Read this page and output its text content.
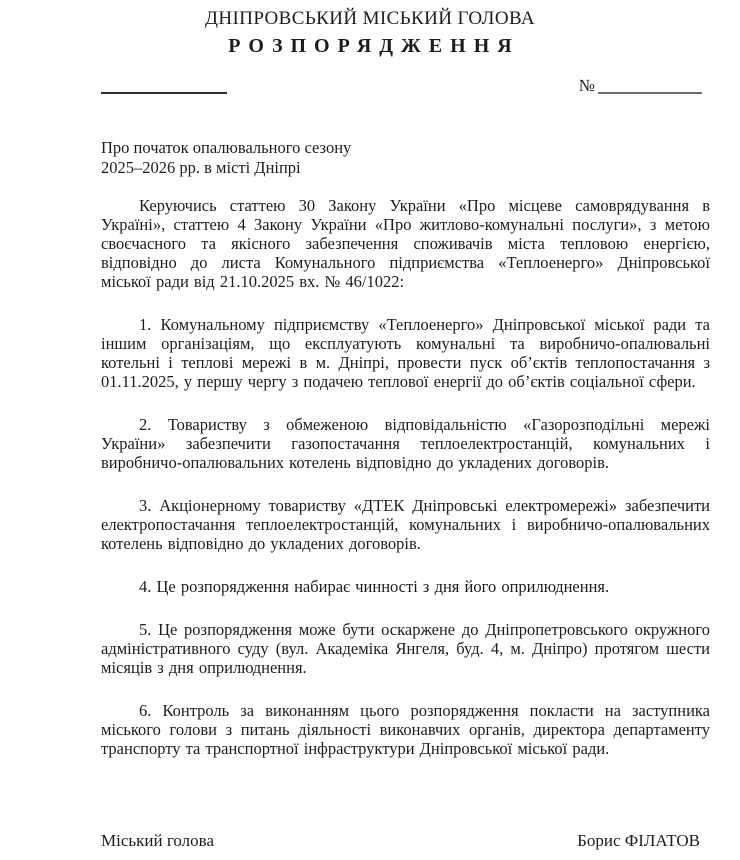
ДНІПРОВСЬКИЙ МІСЬКИЙ ГОЛОВА
РОЗПОРЯДЖЕННЯ
№
Про початок опалювального сезону
2025–2026 рр. в місті Дніпрі

Керуючись статтею 30 Закону України «Про місцеве самоврядування в Україні», статтею 4 Закону України «Про житлово-комунальні послуги», з метою своєчасного та якісного забезпечення споживачів міста тепловою енергією, відповідно до листа Комунального підприємства «Теплоенерго» Дніпровської міської ради від 21.10.2025 вх. № 46/1022:

1. Комунальному підприємству «Теплоенерго» Дніпровської міської ради та іншим організаціям, що експлуатують комунальні та виробничо-опалювальні котельні і теплові мережі в м. Дніпрі, провести пуск об’єктів теплопостачання з 01.11.2025, у першу чергу з подачею теплової енергії до об’єктів соціальної сфери.

2. Товариству з обмеженою відповідальністю «Газорозподільні мережі України» забезпечити газопостачання теплоелектростанцій, комунальних і виробничо-опалювальних котелень відповідно до укладених договорів.

3. Акціонерному товариству «ДТЕК Дніпровські електромережі» забезпечити електропостачання теплоелектростанцій, комунальних і виробничо-опалювальних котелень відповідно до укладених договорів.

4. Це розпорядження набирає чинності з дня його оприлюднення.

5. Це розпорядження може бути оскаржене до Дніпропетровського окружного адміністративного суду (вул. Академіка Янгеля, буд. 4, м. Дніпро) протягом шести місяців з дня оприлюднення.

6. Контроль за виконанням цього розпорядження покласти на заступника міського голови з питань діяльності виконавчих органів, директора департаменту транспорту та транспортної інфраструктури Дніпровської міської ради.

Міський голова	Борис ФІЛАТОВ
